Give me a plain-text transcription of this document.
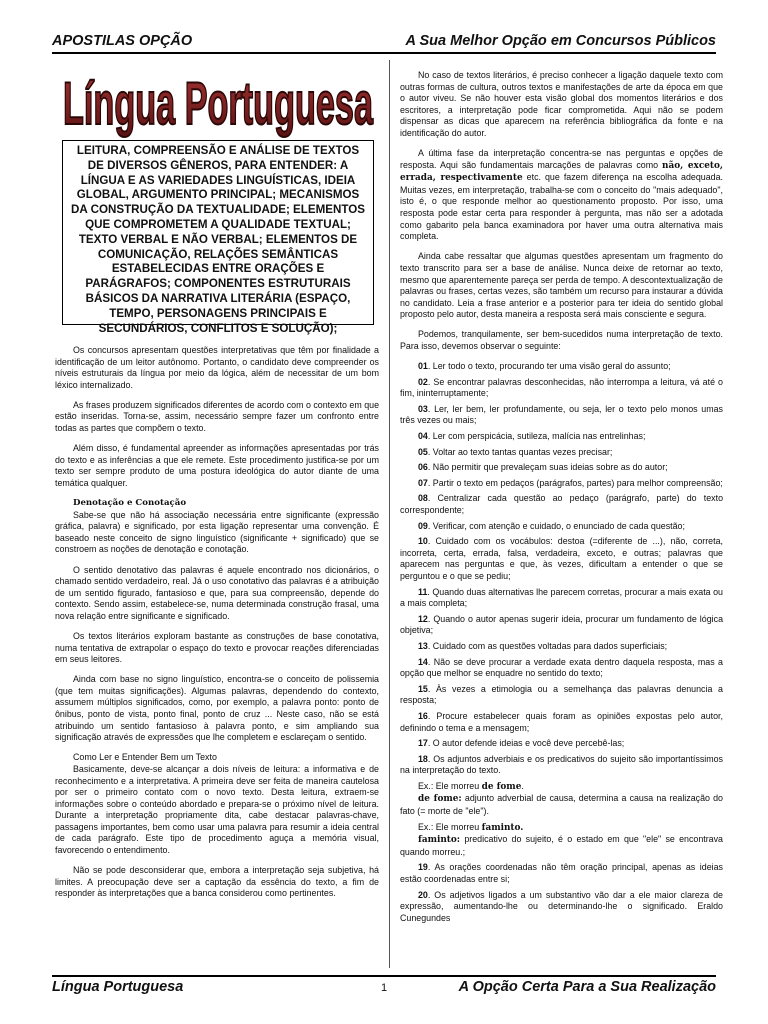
APOSTILAS OPÇÃO	A Sua Melhor Opção em Concursos Públicos
Língua Portuguesa
LEITURA, COMPREENSÃO E ANÁLISE DE TEXTOS DE DIVERSOS GÊNEROS, PARA ENTENDER: A LÍNGUA E AS VARIEDADES LINGUÍSTICAS, IDEIA GLOBAL, ARGUMENTO PRINCIPAL; MECANISMOS DA CONSTRUÇÃO DA TEXTUALIDADE; ELEMENTOS QUE COMPROMETEM A QUALIDADE TEXTUAL; TEXTO VERBAL E NÃO VERBAL; ELEMENTOS DE COMUNICAÇÃO, RELAÇÕES SEMÂNTICAS ESTABELECIDAS ENTRE ORAÇÕES E PARÁGRAFOS; COMPONENTES ESTRUTURAIS BÁSICOS DA NARRATIVA LITERÁRIA (ESPAÇO, TEMPO, PERSONAGENS PRINCIPAIS E SECUNDÁRIOS, CONFLITOS E SOLUÇÃO);

Os concursos apresentam questões interpretativas que têm por finalidade a identificação de um leitor autônomo. Portanto, o candidato deve compreender os níveis estruturais da língua por meio da lógica, além de necessitar de um bom léxico internalizado.

As frases produzem significados diferentes de acordo com o contexto em que estão inseridas. Torna-se, assim, necessário sempre fazer um confronto entre todas as partes que compõem o texto.

Além disso, é fundamental apreender as informações apresentadas por trás do texto e as inferências a que ele remete. Este procedimento justifica-se por um texto ser sempre produto de uma postura ideológica do autor diante de uma temática qualquer.

Denotação e Conotação

Sabe-se que não há associação necessária entre significante (expressão gráfica, palavra) e significado, por esta ligação representar uma convenção. É baseado neste conceito de signo linguístico (significante + significado) que se constroem as noções de denotação e conotação.

O sentido denotativo das palavras é aquele encontrado nos dicionários, o chamado sentido verdadeiro, real. Já o uso conotativo das palavras é a atribuição de um sentido figurado, fantasioso e que, para sua compreensão, depende do contexto. Sendo assim, estabelece-se, numa determinada construção frasal, uma nova relação entre significante e significado.

Os textos literários exploram bastante as construções de base conotativa, numa tentativa de extrapolar o espaço do texto e provocar reações diferenciadas em seus leitores.

Ainda com base no signo linguístico, encontra-se o conceito de polissemia (que tem muitas significações). Algumas palavras, dependendo do contexto, assumem múltiplos significados, como, por exemplo, a palavra ponto: ponto de ônibus, ponto de vista, ponto final, ponto de cruz ... Neste caso, não se está atribuindo um sentido fantasioso à palavra ponto, e sim ampliando sua significação através de expressões que lhe completem e esclareçam o sentido.

Como Ler e Entender Bem um Texto

Basicamente, deve-se alcançar a dois níveis de leitura: a informativa e de reconhecimento e a interpretativa. A primeira deve ser feita de maneira cautelosa por ser o primeiro contato com o novo texto. Desta leitura, extraem-se informações sobre o conteúdo abordado e prepara-se o próximo nível de leitura. Durante a interpretação propriamente dita, cabe destacar palavras-chave, passagens importantes, bem como usar uma palavra para resumir a ideia central de cada parágrafo. Este tipo de procedimento aguça a memória visual, favorecendo o entendimento.

Não se pode desconsiderar que, embora a interpretação seja subjetiva, há limites. A preocupação deve ser a captação da essência do texto, a fim de responder às interpretações que a banca considerou como pertinentes.

No caso de textos literários, é preciso conhecer a ligação daquele texto com outras formas de cultura, outros textos e manifestações de arte da época em que o autor viveu. Se não houver esta visão global dos momentos literários e dos escritores, a interpretação pode ficar comprometida. Aqui não se podem dispensar as dicas que aparecem na referência bibliográfica da fonte e na identificação do autor.

A última fase da interpretação concentra-se nas perguntas e opções de resposta. Aqui são fundamentais marcações de palavras como não, exceto, errada, respectivamente etc. que fazem diferença na escolha adequada. Muitas vezes, em interpretação, trabalha-se com o conceito do "mais adequado", isto é, o que responde melhor ao questionamento proposto. Por isso, uma resposta pode estar certa para responder à pergunta, mas não ser a adotada como gabarito pela banca examinadora por haver uma outra alternativa mais completa.

Ainda cabe ressaltar que algumas questões apresentam um fragmento do texto transcrito para ser a base de análise. Nunca deixe de retornar ao texto, mesmo que aparentemente pareça ser perda de tempo. A descontextualização de palavras ou frases, certas vezes, são também um recurso para instaurar a dúvida no candidato. Leia a frase anterior e a posterior para ter ideia do sentido global proposto pelo autor, desta maneira a resposta será mais consciente e segura.

Podemos, tranquilamente, ser bem-sucedidos numa interpretação de texto. Para isso, devemos observar o seguinte:

01. Ler todo o texto, procurando ter uma visão geral do assunto;

02. Se encontrar palavras desconhecidas, não interrompa a leitura, vá até o fim, ininterruptamente;

03. Ler, ler bem, ler profundamente, ou seja, ler o texto pelo monos umas três vezes ou mais;

04. Ler com perspicácia, sutileza, malícia nas entrelinhas;

05. Voltar ao texto tantas quantas vezes precisar;

06. Não permitir que prevaleçam suas ideias sobre as do autor;

07. Partir o texto em pedaços (parágrafos, partes) para melhor compreensão;

08. Centralizar cada questão ao pedaço (parágrafo, parte) do texto correspondente;

09. Verificar, com atenção e cuidado, o enunciado de cada questão;

10. Cuidado com os vocábulos: destoa (=diferente de ...), não, correta, incorreta, certa, errada, falsa, verdadeira, exceto, e outras; palavras que aparecem nas perguntas e que, às vezes, dificultam a entender o que se perguntou e o que se pediu;

11. Quando duas alternativas lhe parecem corretas, procurar a mais exata ou a mais completa;

12. Quando o autor apenas sugerir ideia, procurar um fundamento de lógica objetiva;

13. Cuidado com as questões voltadas para dados superficiais;

14. Não se deve procurar a verdade exata dentro daquela resposta, mas a opção que melhor se enquadre no sentido do texto;

15. Às vezes a etimologia ou a semelhança das palavras denuncia a resposta;

16. Procure estabelecer quais foram as opiniões expostas pelo autor, definindo o tema e a mensagem;

17. O autor defende ideias e você deve percebê-las;

18. Os adjuntos adverbiais e os predicativos do sujeito são importantíssimos na interpretação do texto.

Ex.: Ele morreu de fome.

de fome: adjunto adverbial de causa, determina a causa na realização do fato (= morte de "ele").

Ex.: Ele morreu faminto.

faminto: predicativo do sujeito, é o estado em que "ele" se encontrava quando morreu.;

19. As orações coordenadas não têm oração principal, apenas as ideias estão coordenadas entre si;

20. Os adjetivos ligados a um substantivo vão dar a ele maior clareza de expressão, aumentando-lhe ou determinando-lhe o significado. Eraldo Cunegundes

Língua Portuguesa	1	A Opção Certa Para a Sua Realização
